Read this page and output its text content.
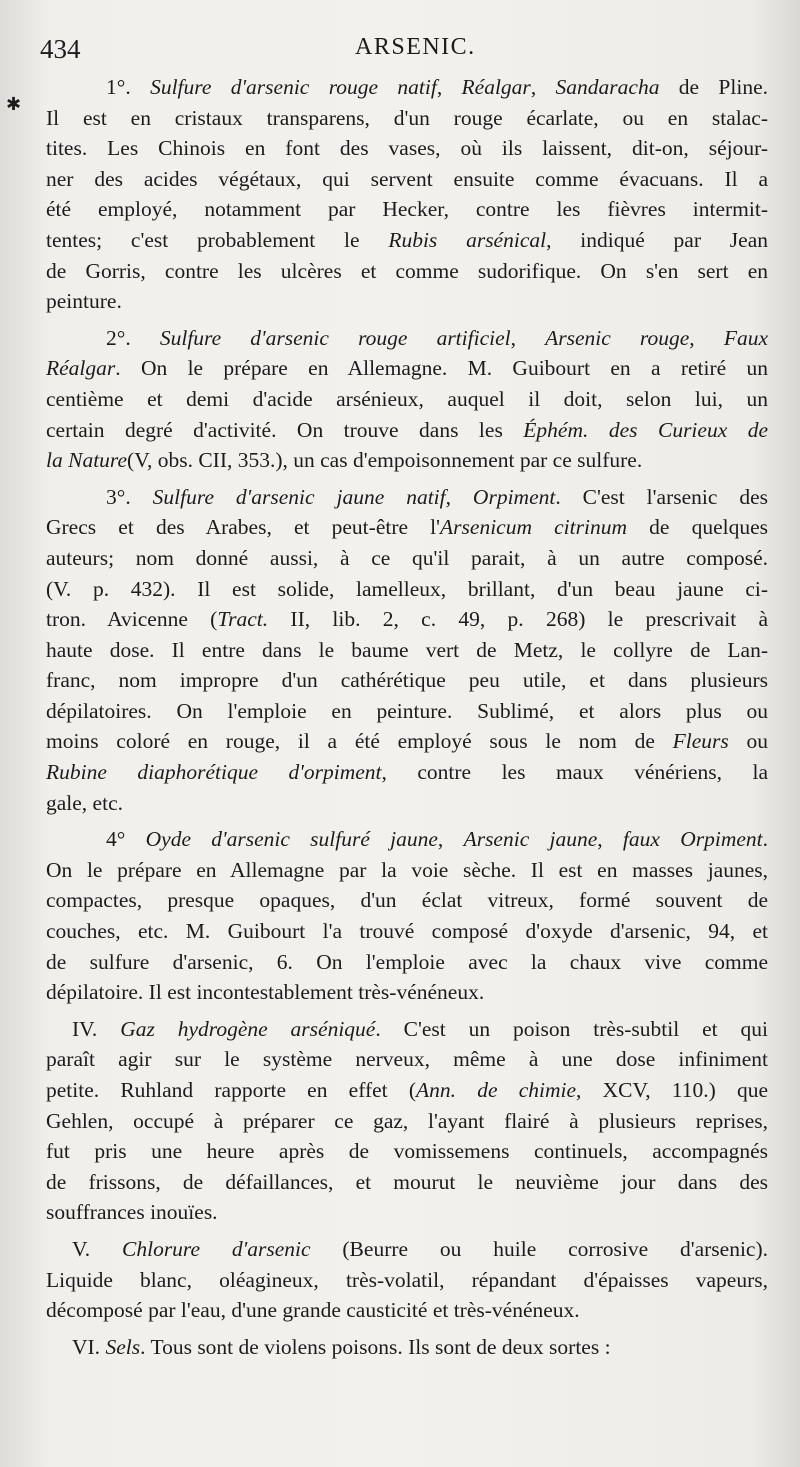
434	ARSENIC.
✱
1°. Sulfure d'arsenic rouge natif, Réalgar, Sandaracha de Pline.
Il est en cristaux transparens, d'un rouge écarlate, ou en stalac-
tites. Les Chinois en font des vases, où ils laissent, dit-on, séjour-
ner des acides végétaux, qui servent ensuite comme évacuans. Il a
été employé, notamment par Hecker, contre les fièvres intermit-
tentes; c'est probablement le Rubis arsénical, indiqué par Jean
de Gorris, contre les ulcères et comme sudorifique. On s'en sert en
peinture.
2°. Sulfure d'arsenic rouge artificiel, Arsenic rouge, Faux
Réalgar. On le prépare en Allemagne. M. Guibourt en a retiré un
centième et demi d'acide arsénieux, auquel il doit, selon lui, un
certain degré d'activité. On trouve dans les Éphém. des Curieux de
la Nature(V, obs. CII, 353.), un cas d'empoisonnement par ce sulfure.
3°. Sulfure d'arsenic jaune natif, Orpiment. C'est l'arsenic des
Grecs et des Arabes, et peut-être l'Arsenicum citrinum de quelques
auteurs; nom donné aussi, à ce qu'il parait, à un autre composé.
(V. p. 432). Il est solide, lamelleux, brillant, d'un beau jaune ci-
tron. Avicenne (Tract. II, lib. 2, c. 49, p. 268) le prescrivait à
haute dose. Il entre dans le baume vert de Metz, le collyre de Lan-
franc, nom impropre d'un cathérétique peu utile, et dans plusieurs
dépilatoires. On l'emploie en peinture. Sublimé, et alors plus ou
moins coloré en rouge, il a été employé sous le nom de Fleurs ou
Rubine diaphorétique d'orpiment, contre les maux vénériens, la
gale, etc.
4° Oyde d'arsenic sulfuré jaune, Arsenic jaune, faux Orpiment.
On le prépare en Allemagne par la voie sèche. Il est en masses jaunes,
compactes, presque opaques, d'un éclat vitreux, formé souvent de
couches, etc. M. Guibourt l'a trouvé composé d'oxyde d'arsenic, 94, et
de sulfure d'arsenic, 6. On l'emploie avec la chaux vive comme
dépilatoire. Il est incontestablement très-vénéneux.
IV. Gaz hydrogène arséniqué. C'est un poison très-subtil et qui
paraît agir sur le système nerveux, même à une dose infiniment
petite. Ruhland rapporte en effet (Ann. de chimie, XCV, 110.) que
Gehlen, occupé à préparer ce gaz, l'ayant flairé à plusieurs reprises,
fut pris une heure après de vomissemens continuels, accompagnés
de frissons, de défaillances, et mourut le neuvième jour dans des
souffrances inouïes.
V. Chlorure d'arsenic (Beurre ou huile corrosive d'arsenic).
Liquide blanc, oléagineux, très-volatil, répandant d'épaisses vapeurs,
décomposé par l'eau, d'une grande causticité et très-vénéneux.
VI. Sels. Tous sont de violens poisons. Ils sont de deux sortes :
